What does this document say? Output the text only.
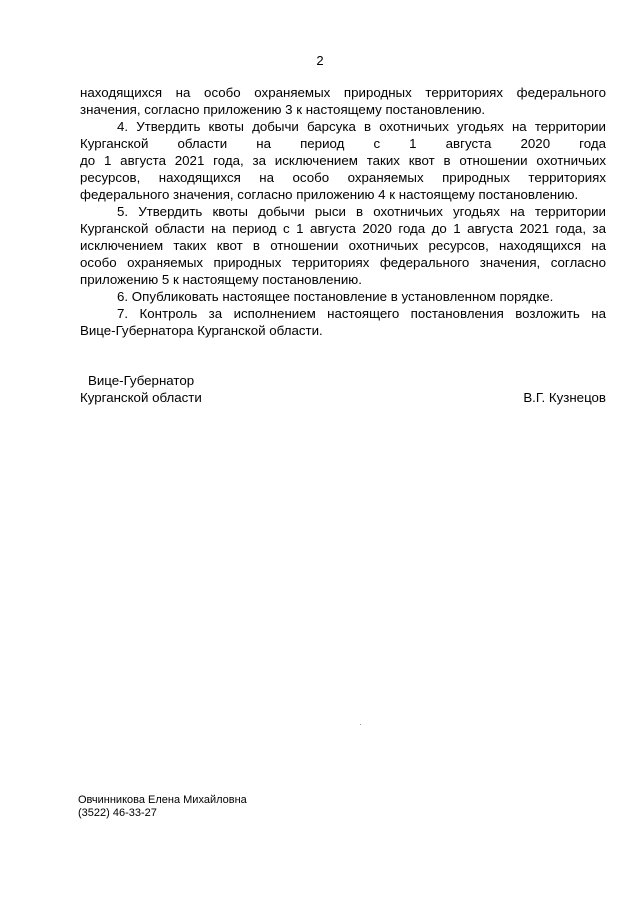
2
находящихся на особо охраняемых природных территориях федерального
значения, согласно приложению 3 к настоящему постановлению.
4. Утвердить квоты добычи барсука в охотничьих угодьях на территории
Курганской области на период с 1 августа 2020 года
до 1 августа 2021 года, за исключением таких квот в отношении охотничьих
ресурсов, находящихся на особо охраняемых природных территориях
федерального значения, согласно приложению 4 к настоящему постановлению.
5. Утвердить квоты добычи рыси в охотничьих угодьях на территории
Курганской области на период с 1 августа 2020 года до 1 августа 2021 года, за
исключением таких квот в отношении охотничьих ресурсов, находящихся на
особо охраняемых природных территориях федерального значения, согласно
приложению 5 к настоящему постановлению.
6. Опубликовать настоящее постановление в установленном порядке.
7. Контроль за исполнением настоящего постановления возложить на
Вице-Губернатора Курганской области.
Вице-Губернатор
Курганской области	В.Г. Кузнецов
Овчинникова Елена Михайловна
(3522) 46-33-27
